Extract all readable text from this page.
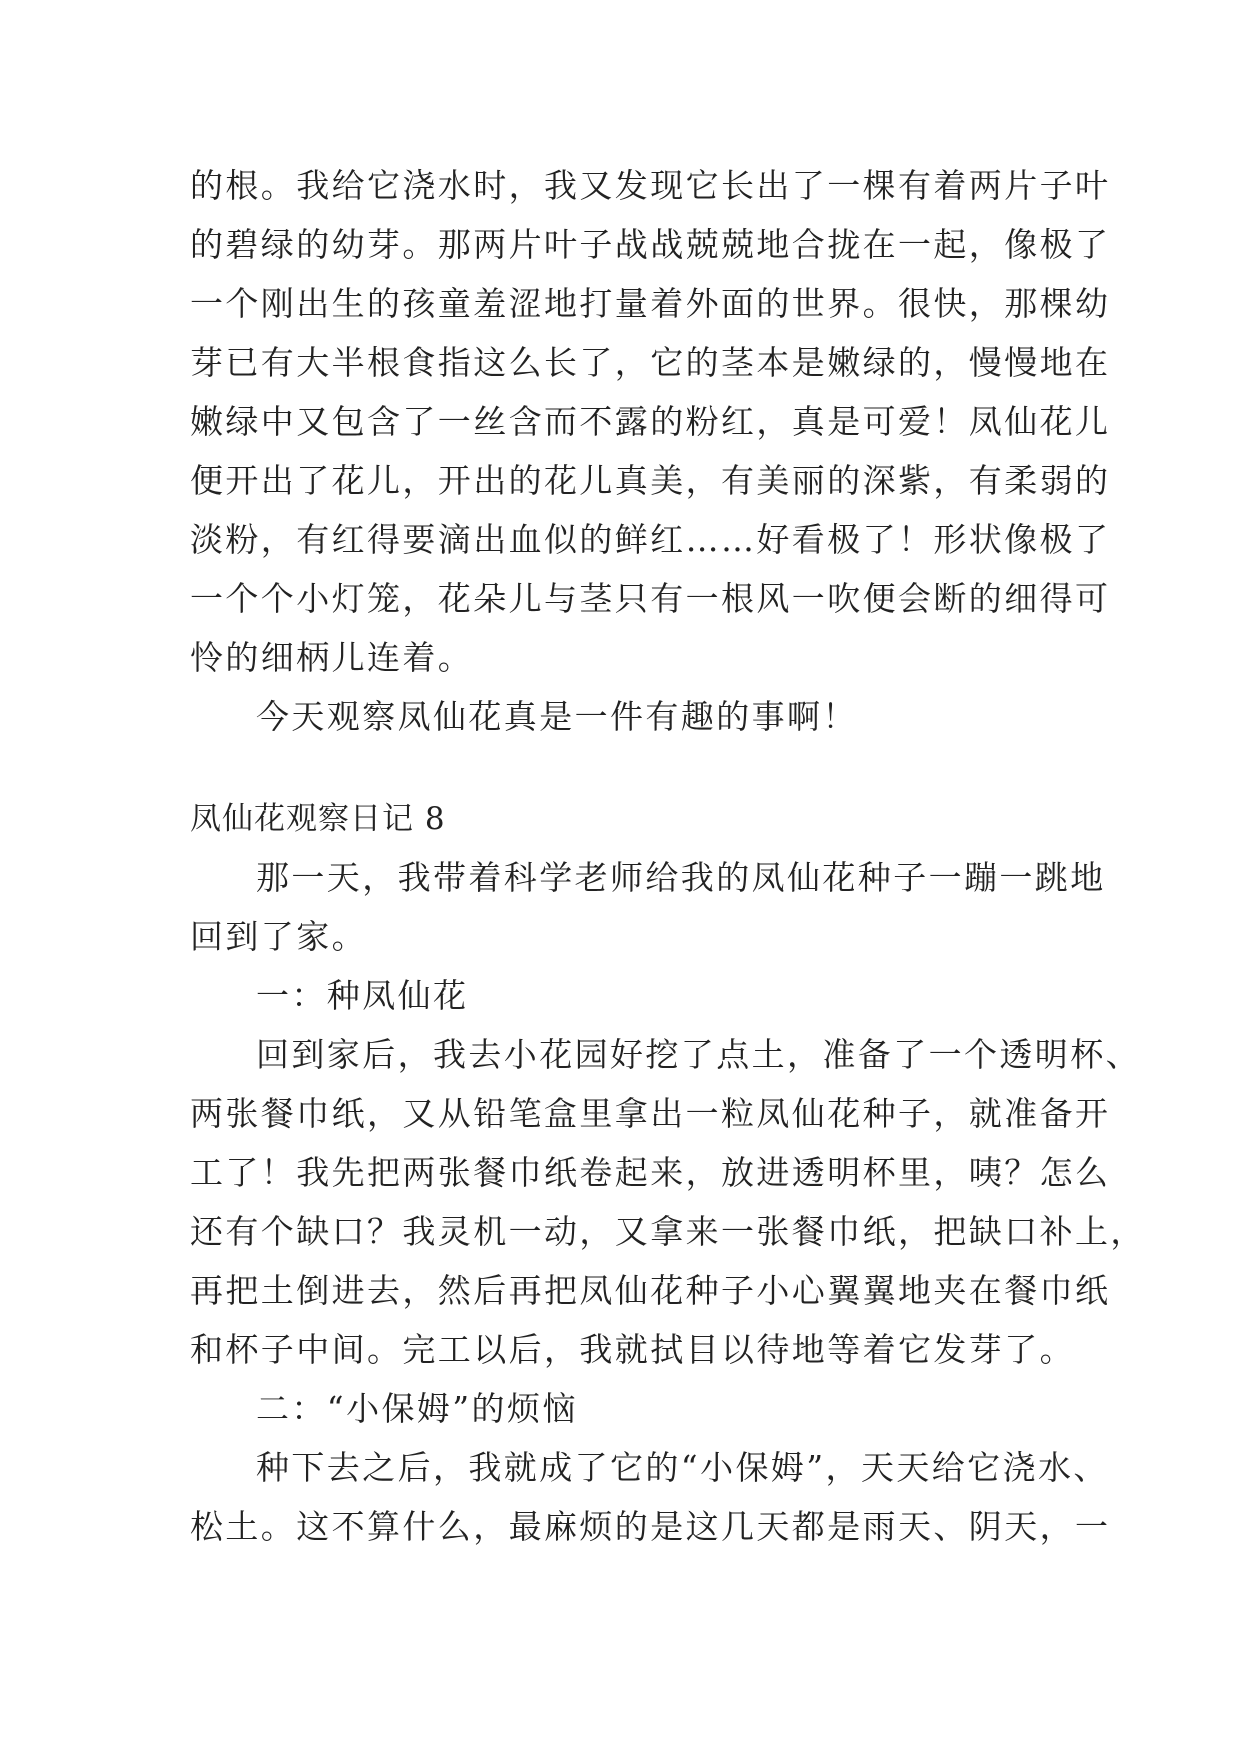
的根。我给它浇水时，我又发现它长出了一棵有着两片子叶
的碧绿的幼芽。那两片叶子战战兢兢地合拢在一起，像极了
一个刚出生的孩童羞涩地打量着外面的世界。很快，那棵幼
芽已有大半根食指这么长了，它的茎本是嫩绿的，慢慢地在
嫩绿中又包含了一丝含而不露的粉红，真是可爱！凤仙花儿
便开出了花儿，开出的花儿真美，有美丽的深紫，有柔弱的
淡粉，有红得要滴出血似的鲜红……好看极了！形状像极了
一个个小灯笼，花朵儿与茎只有一根风一吹便会断的细得可
怜的细柄儿连着。
今天观察凤仙花真是一件有趣的事啊！
凤仙花观察日记 8
那一天，我带着科学老师给我的凤仙花种子一蹦一跳地
回到了家。
一：种凤仙花
回到家后，我去小花园好挖了点土，准备了一个透明杯、
两张餐巾纸，又从铅笔盒里拿出一粒凤仙花种子，就准备开
工了！我先把两张餐巾纸卷起来，放进透明杯里，咦？怎么
还有个缺口？我灵机一动，又拿来一张餐巾纸，把缺口补上，
再把土倒进去，然后再把凤仙花种子小心翼翼地夹在餐巾纸
和杯子中间。完工以后，我就拭目以待地等着它发芽了。
二：“小保姆”的烦恼
种下去之后，我就成了它的“小保姆”，天天给它浇水、
松土。这不算什么，最麻烦的是这几天都是雨天、阴天，一
